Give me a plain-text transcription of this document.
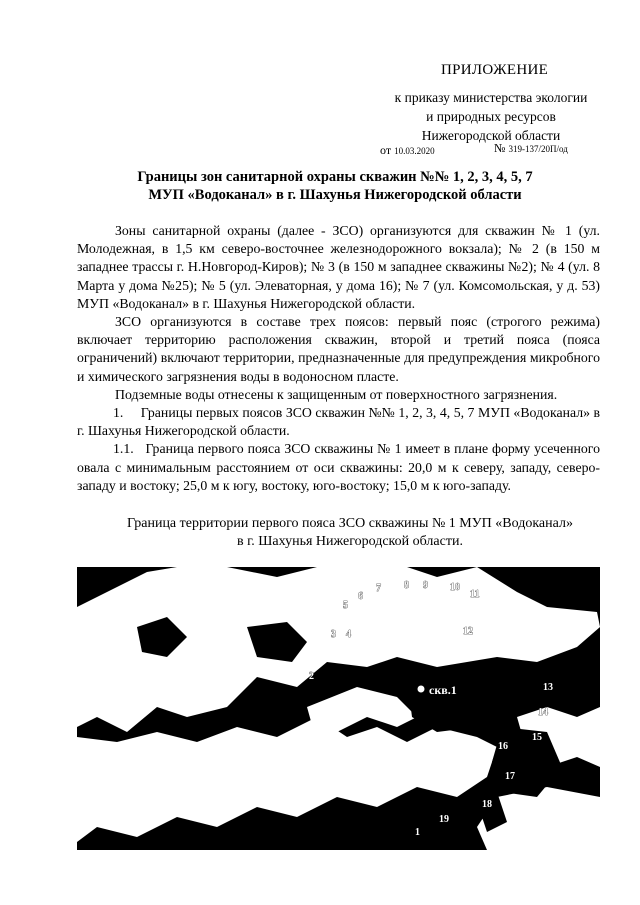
ПРИЛОЖЕНИЕ
к приказу министерства экологии
и природных ресурсов
Нижегородской области
от 10.03.2020	№ 319-137/20П/од
Границы зон санитарной охраны скважин №№ 1, 2, 3, 4, 5, 7
МУП «Водоканал» в г. Шахунья Нижегородской области

Зоны санитарной охраны (далее - ЗСО) организуются для скважин № 1 (ул. Молодежная, в 1,5 км северо-восточнее железнодорожного вокзала); № 2 (в 150 м западнее трассы г. Н.Новгород-Киров); № 3 (в 150 м западнее скважины №2); № 4 (ул. 8 Марта у дома №25); № 5 (ул. Элеваторная, у дома 16); № 7 (ул. Комсомольская, у д. 53) МУП «Водоканал» в г. Шахунья Нижегородской области.

ЗСО организуются в составе трех поясов: первый пояс (строгого режима) включает территорию расположения скважин, второй и третий пояса (пояса ограничений) включают территории, предназначенные для предупреждения микробного и химического загрязнения воды в водоносном пласте.

Подземные воды отнесены к защищенным от поверхностного загрязнения.

1.     Границы первых поясов ЗСО скважин №№ 1, 2, 3, 4, 5, 7 МУП «Водоканал» в г. Шахунья Нижегородской области.

1.1.   Граница первого пояса ЗСО скважины № 1 имеет в плане форму усеченного овала с минимальным расстоянием от оси скважины: 20,0 м к северу, западу, северо-западу и востоку; 25,0 м к югу, востоку, юго-востоку; 15,0 м к юго-западу.

Граница территории первого пояса ЗСО скважины № 1 МУП «Водоканал»
в г. Шахунья Нижегородской области.
1
2
3 4
5
6
7 8 9 10
11
12
13
14
15
16
17
18
19
скв.1
